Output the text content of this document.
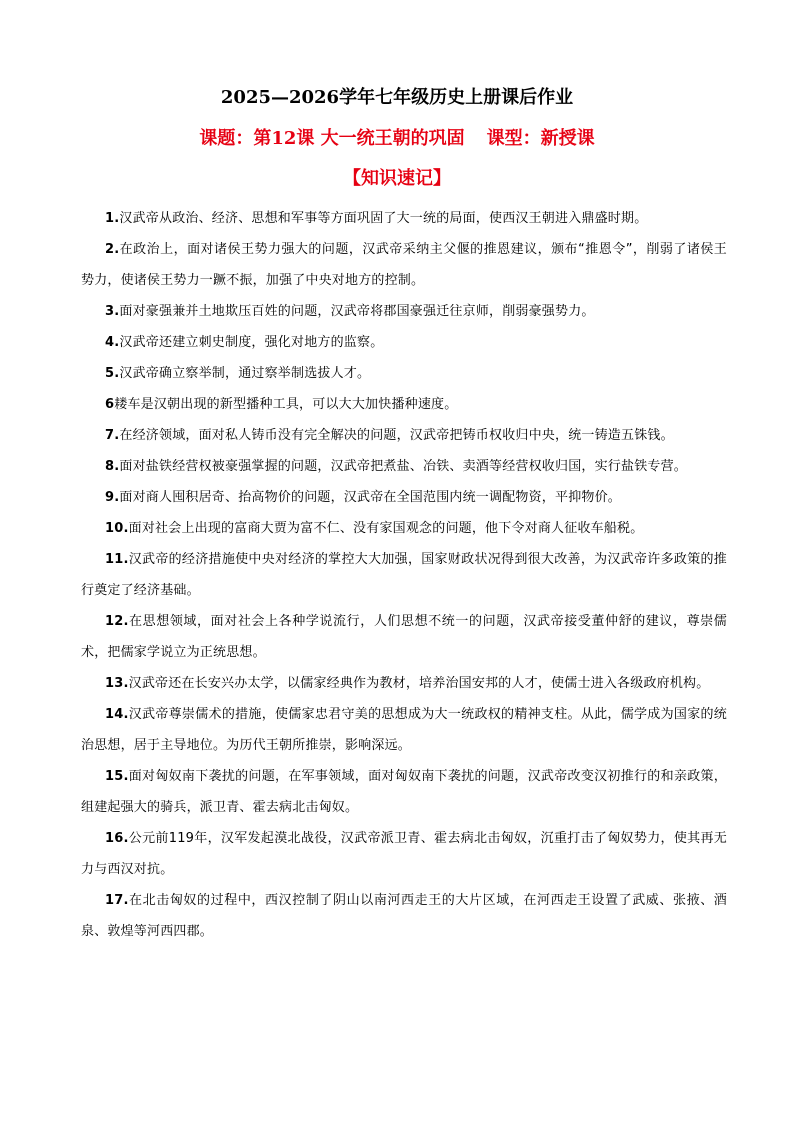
2025—2026学年七年级历史上册课后作业
课题：第12课 大一统王朝的巩固 课型：新授课
【知识速记】

1.汉武帝从政治、经济、思想和军事等方面巩固了大一统的局面，使西汉王朝进入鼎盛时期。

2.在政治上，面对诸侯王势力强大的问题，汉武帝采纳主父偃的推恩建议，颁布“推恩令”，削弱了诸侯王势力，使诸侯王势力一蹶不振，加强了中央对地方的控制。

3.面对豪强兼并土地欺压百姓的问题，汉武帝将郡国豪强迁往京师，削弱豪强势力。

4.汉武帝还建立刺史制度，强化对地方的监察。

5.汉武帝确立察举制，通过察举制选拔人才。

6耧车是汉朝出现的新型播种工具，可以大大加快播种速度。

7.在经济领域，面对私人铸币没有完全解决的问题，汉武帝把铸币权收归中央，统一铸造五铢钱。

8.面对盐铁经营权被豪强掌握的问题，汉武帝把煮盐、冶铁、卖酒等经营权收归国，实行盐铁专营。

9.面对商人囤积居奇、抬高物价的问题，汉武帝在全国范围内统一调配物资，平抑物价。

10.面对社会上出现的富商大贾为富不仁、没有家国观念的问题，他下令对商人征收车船税。

11.汉武帝的经济措施使中央对经济的掌控大大加强，国家财政状况得到很大改善，为汉武帝许多政策的推行奠定了经济基础。

12.在思想领域，面对社会上各种学说流行，人们思想不统一的问题，汉武帝接受董仲舒的建议，尊崇儒术，把儒家学说立为正统思想。

13.汉武帝还在长安兴办太学，以儒家经典作为教材，培养治国安邦的人才，使儒士进入各级政府机构。

14.汉武帝尊崇儒术的措施，使儒家忠君守美的思想成为大一统政权的精神支柱。从此，儒学成为国家的统治思想，居于主导地位。为历代王朝所推崇，影响深远。

15.面对匈奴南下袭扰的问题，在军事领域，面对匈奴南下袭扰的问题，汉武帝改变汉初推行的和亲政策，组建起强大的骑兵，派卫青、霍去病北击匈奴。

16.公元前119年，汉军发起漠北战役，汉武帝派卫青、霍去病北击匈奴，沉重打击了匈奴势力，使其再无力与西汉对抗。

17.在北击匈奴的过程中，西汉控制了阴山以南河西走王的大片区域，在河西走王设置了武威、张掖、酒泉、敦煌等河西四郡。
